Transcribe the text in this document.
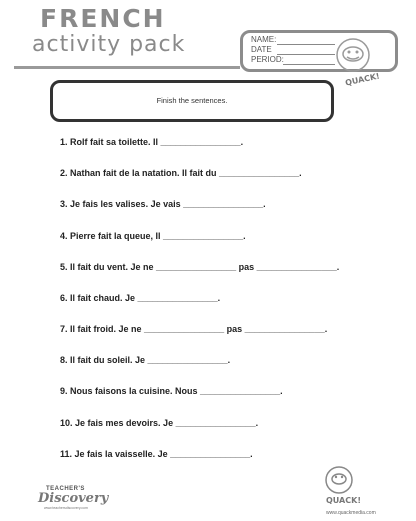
FRENCH
activity pack	NAME:
DATE
PERIOD:
QUACK!
Finish the sentences.
1. Rolf fait sa toilette. Il ________________.
2. Nathan fait de la natation. Il fait du ________________.
3. Je fais les valises. Je vais ________________.
4. Pierre fait la queue, Il ________________.
5. Il fait du vent. Je ne ________________ pas ________________.
6. Il fait chaud. Je ________________.
7. Il fait froid. Je ne ________________ pas ________________.
8. Il fait du soleil. Je ________________.
9. Nous faisons la cuisine. Nous ________________.
10. Je fais mes devoirs. Je ________________.
11. Je fais la vaisselle. Je ________________.
TEACHER'S
Discovery
www.teachersdiscovery.com
QUACK!
www.quackmedia.com
